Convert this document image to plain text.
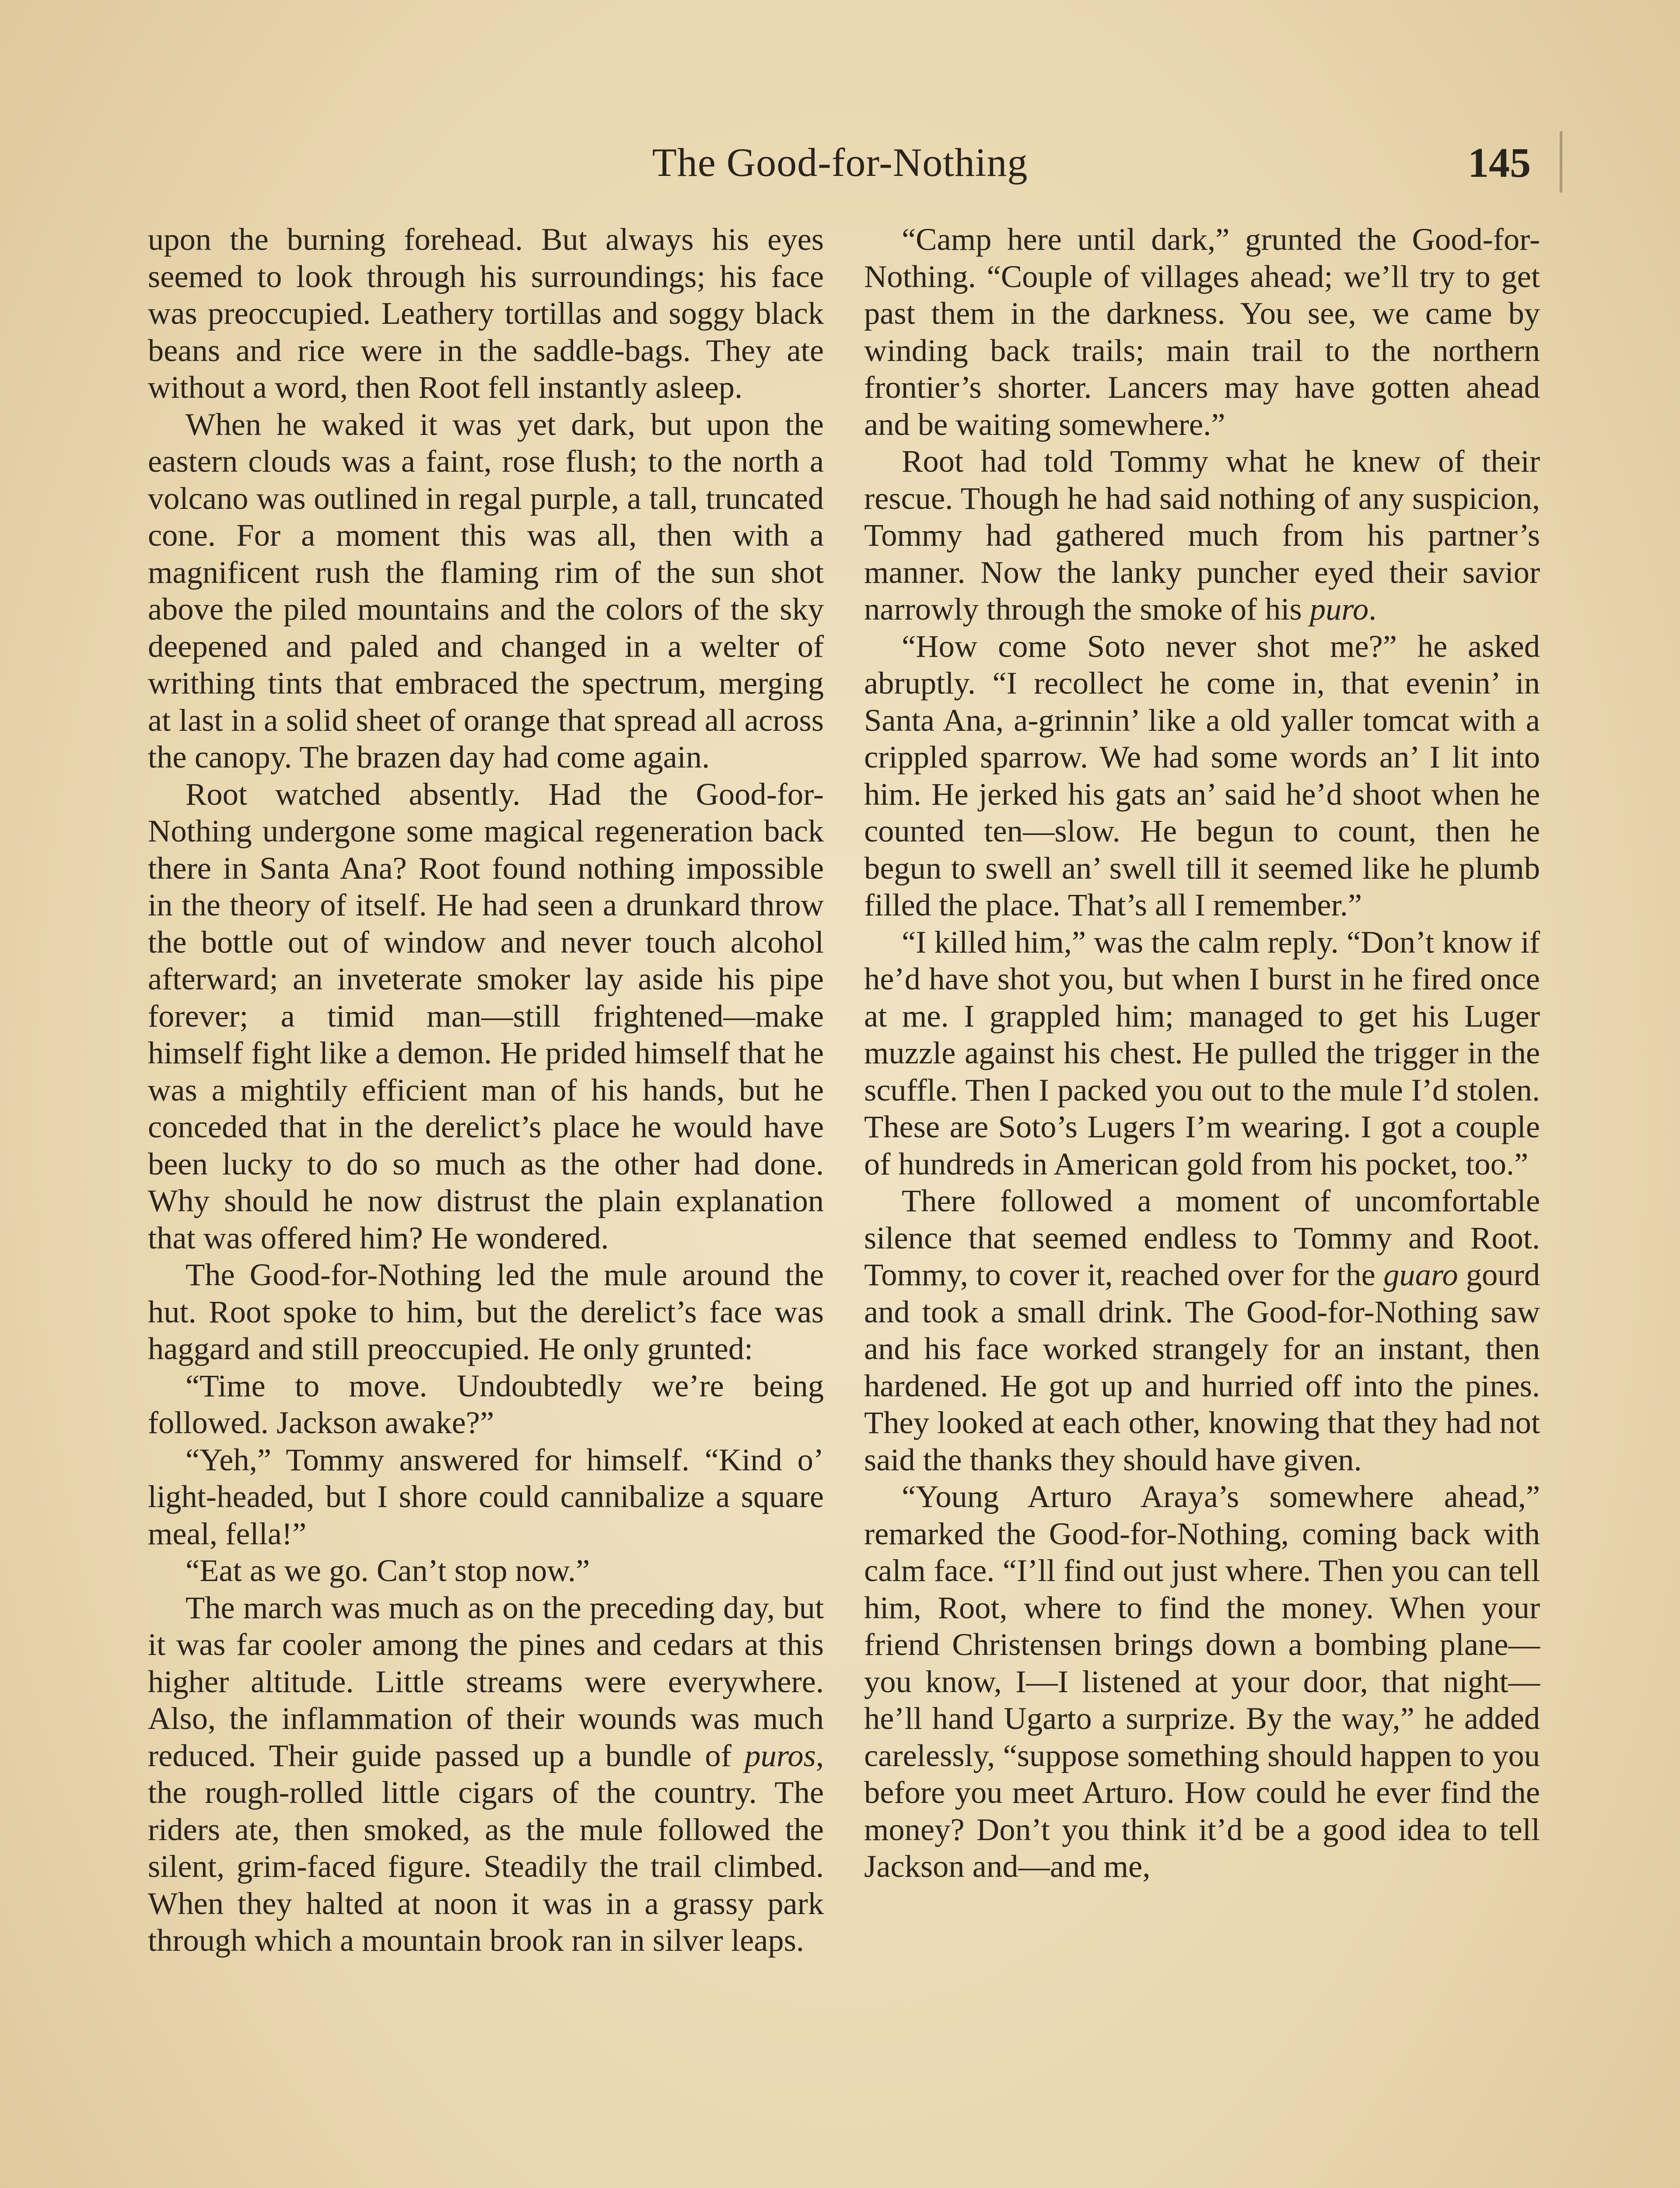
The Good-for-Nothing	145

upon the burning forehead. But always his eyes seemed to look through his surroundings; his face was preoccupied. Leathery tortillas and soggy black beans and rice were in the saddle-bags. They ate without a word, then Root fell instantly asleep.

When he waked it was yet dark, but upon the eastern clouds was a faint, rose flush; to the north a volcano was outlined in regal purple, a tall, truncated cone. For a moment this was all, then with a magnificent rush the flaming rim of the sun shot above the piled mountains and the colors of the sky deepened and paled and changed in a welter of writhing tints that embraced the spectrum, merging at last in a solid sheet of orange that spread all across the canopy. The brazen day had come again.

Root watched absently. Had the Good-for-Nothing undergone some magical regeneration back there in Santa Ana? Root found nothing impossible in the theory of itself. He had seen a drunkard throw the bottle out of window and never touch alcohol afterward; an inveterate smoker lay aside his pipe forever; a timid man—still frightened—make himself fight like a demon. He prided himself that he was a mightily efficient man of his hands, but he conceded that in the derelict’s place he would have been lucky to do so much as the other had done. Why should he now distrust the plain explanation that was offered him? He wondered.

The Good-for-Nothing led the mule around the hut. Root spoke to him, but the derelict’s face was haggard and still preoccupied. He only grunted:

“Time to move. Undoubtedly we’re being followed. Jackson awake?”

“Yeh,” Tommy answered for himself. “Kind o’ light-headed, but I shore could cannibalize a square meal, fella!”

“Eat as we go. Can’t stop now.”

The march was much as on the preceding day, but it was far cooler among the pines and cedars at this higher altitude. Little streams were everywhere. Also, the inflammation of their wounds was much reduced. Their guide passed up a bundle of puros, the rough-rolled little cigars of the country. The riders ate, then smoked, as the mule followed the silent, grim-faced figure. Steadily the trail climbed. When they halted at noon it was in a grassy park through which a mountain brook ran in silver leaps.

“Camp here until dark,” grunted the Good-for-Nothing. “Couple of villages ahead; we’ll try to get past them in the darkness. You see, we came by winding back trails; main trail to the northern frontier’s shorter. Lancers may have gotten ahead and be waiting somewhere.”

Root had told Tommy what he knew of their rescue. Though he had said nothing of any suspicion, Tommy had gathered much from his partner’s manner. Now the lanky puncher eyed their savior narrowly through the smoke of his puro.

“How come Soto never shot me?” he asked abruptly. “I recollect he come in, that evenin’ in Santa Ana, a-grinnin’ like a old yaller tomcat with a crippled sparrow. We had some words an’ I lit into him. He jerked his gats an’ said he’d shoot when he counted ten—slow. He begun to count, then he begun to swell an’ swell till it seemed like he plumb filled the place. That’s all I remember.”

“I killed him,” was the calm reply. “Don’t know if he’d have shot you, but when I burst in he fired once at me. I grappled him; managed to get his Luger muzzle against his chest. He pulled the trigger in the scuffle. Then I packed you out to the mule I’d stolen. These are Soto’s Lugers I’m wearing. I got a couple of hundreds in American gold from his pocket, too.”

There followed a moment of uncomfortable silence that seemed endless to Tommy and Root. Tommy, to cover it, reached over for the guaro gourd and took a small drink. The Good-for-Nothing saw and his face worked strangely for an instant, then hardened. He got up and hurried off into the pines. They looked at each other, knowing that they had not said the thanks they should have given.

“Young Arturo Araya’s somewhere ahead,” remarked the Good-for-Nothing, coming back with calm face. “I’ll find out just where. Then you can tell him, Root, where to find the money. When your friend Christensen brings down a bombing plane—you know, I—I listened at your door, that night—he’ll hand Ugarto a surprize. By the way,” he added carelessly, “suppose something should happen to you before you meet Arturo. How could he ever find the money? Don’t you think it’d be a good idea to tell Jackson and—and me,
